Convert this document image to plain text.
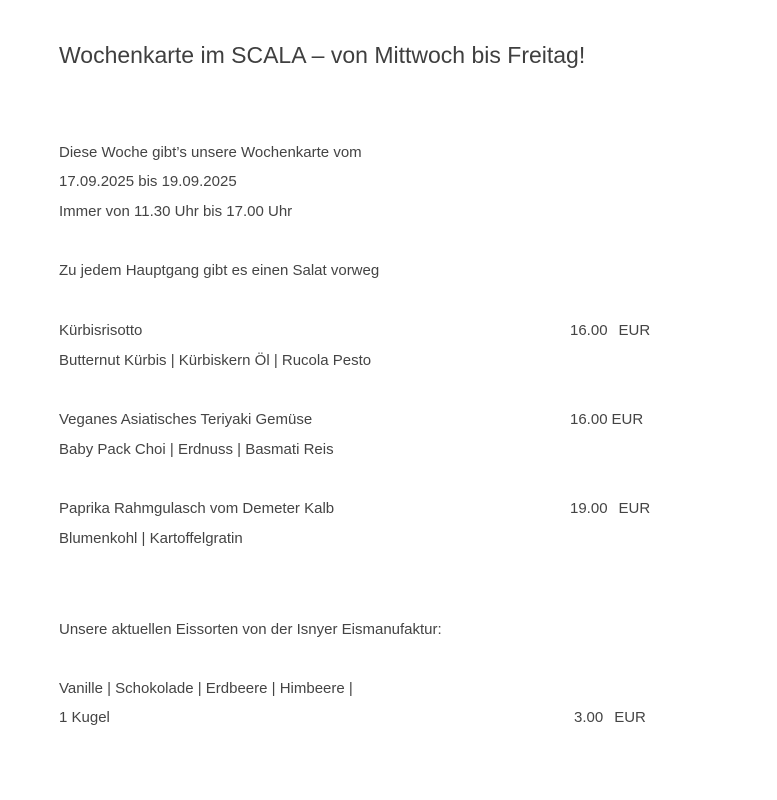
Wochenkarte im SCALA – von Mittwoch bis Freitag!
Diese Woche gibt’s unsere Wochenkarte vom
17.09.2025 bis 19.09.2025
Immer von 11.30 Uhr bis 17.00 Uhr
Zu jedem Hauptgang gibt es einen Salat vorweg
Kürbisrisotto	16.00 EUR
Butternut Kürbis | Kürbiskern Öl | Rucola Pesto
Veganes Asiatisches Teriyaki Gemüse	16.00 EUR
Baby Pack Choi | Erdnuss | Basmati Reis
Paprika Rahmgulasch vom Demeter Kalb	19.00 EUR
Blumenkohl | Kartoffelgratin
Unsere aktuellen Eissorten von der Isnyer Eismanufaktur:
Vanille | Schokolade | Erdbeere | Himbeere |
1 Kugel	3.00 EUR
